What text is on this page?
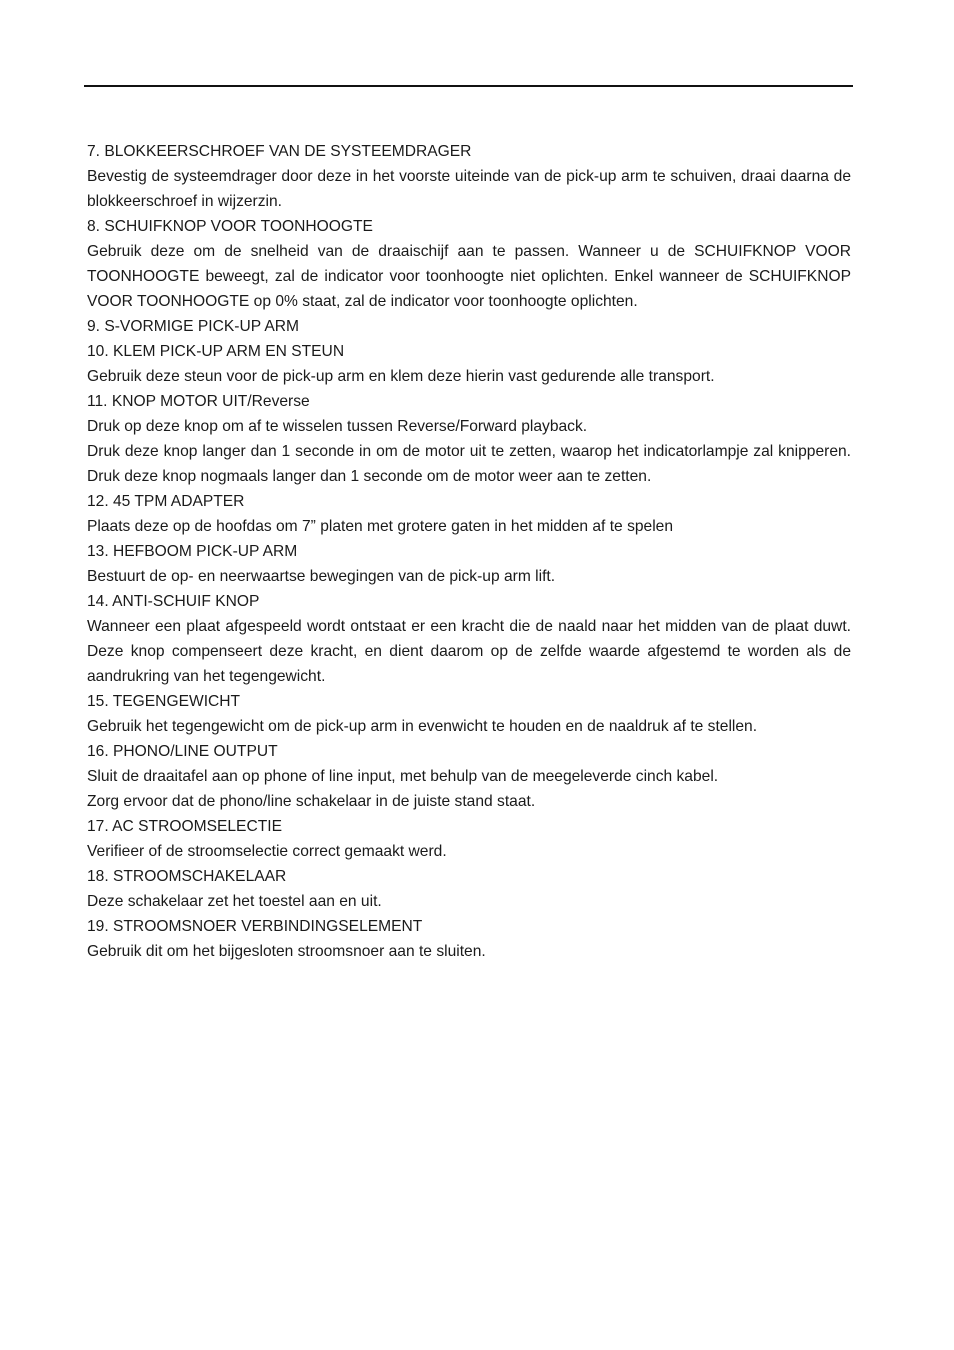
7. BLOKKEERSCHROEF VAN DE SYSTEEMDRAGER

Bevestig de systeemdrager door deze in het voorste uiteinde van de pick-up arm te schuiven, draai daarna de blokkeerschroef in wijzerzin.

8. SCHUIFKNOP VOOR TOONHOOGTE

Gebruik deze om de snelheid van de draaischijf aan te passen. Wanneer u de SCHUIFKNOP VOOR TOONHOOGTE beweegt, zal de indicator voor toonhoogte niet oplichten. Enkel wanneer de SCHUIFKNOP VOOR TOONHOOGTE op 0% staat, zal de indicator voor toonhoogte oplichten.

9. S-VORMIGE PICK-UP ARM

10. KLEM PICK-UP ARM EN STEUN

Gebruik deze steun voor de pick-up arm en klem deze hierin vast gedurende alle transport.

11. KNOP MOTOR UIT/Reverse

Druk op deze knop om af te wisselen tussen Reverse/Forward playback.

Druk deze knop langer dan 1 seconde in om de motor uit te zetten, waarop het indicatorlampje zal knipperen. Druk deze knop nogmaals langer dan 1 seconde om de motor weer aan te zetten.

12. 45 TPM ADAPTER

Plaats deze op de hoofdas om 7” platen met grotere gaten in het midden af te spelen

13. HEFBOOM PICK-UP ARM

Bestuurt de op- en neerwaartse bewegingen van de pick-up arm lift.

14. ANTI-SCHUIF KNOP

Wanneer een plaat afgespeeld wordt ontstaat er een kracht die de naald naar het midden van de plaat duwt. Deze knop compenseert deze kracht, en dient daarom op de zelfde waarde afgestemd te worden als de aandrukring van het tegengewicht.

15. TEGENGEWICHT

Gebruik het tegengewicht om de pick-up arm in evenwicht te houden en de naaldruk af te stellen.

16. PHONO/LINE OUTPUT

Sluit de draaitafel aan op phone of line input, met behulp van de meegeleverde cinch kabel.

Zorg ervoor dat de phono/line schakelaar in de juiste stand staat.

17. AC STROOMSELECTIE

Verifieer of de stroomselectie correct gemaakt werd.

18. STROOMSCHAKELAAR

Deze schakelaar zet het toestel aan en uit.

19. STROOMSNOER VERBINDINGSELEMENT

Gebruik dit om het bijgesloten stroomsnoer aan te sluiten.
